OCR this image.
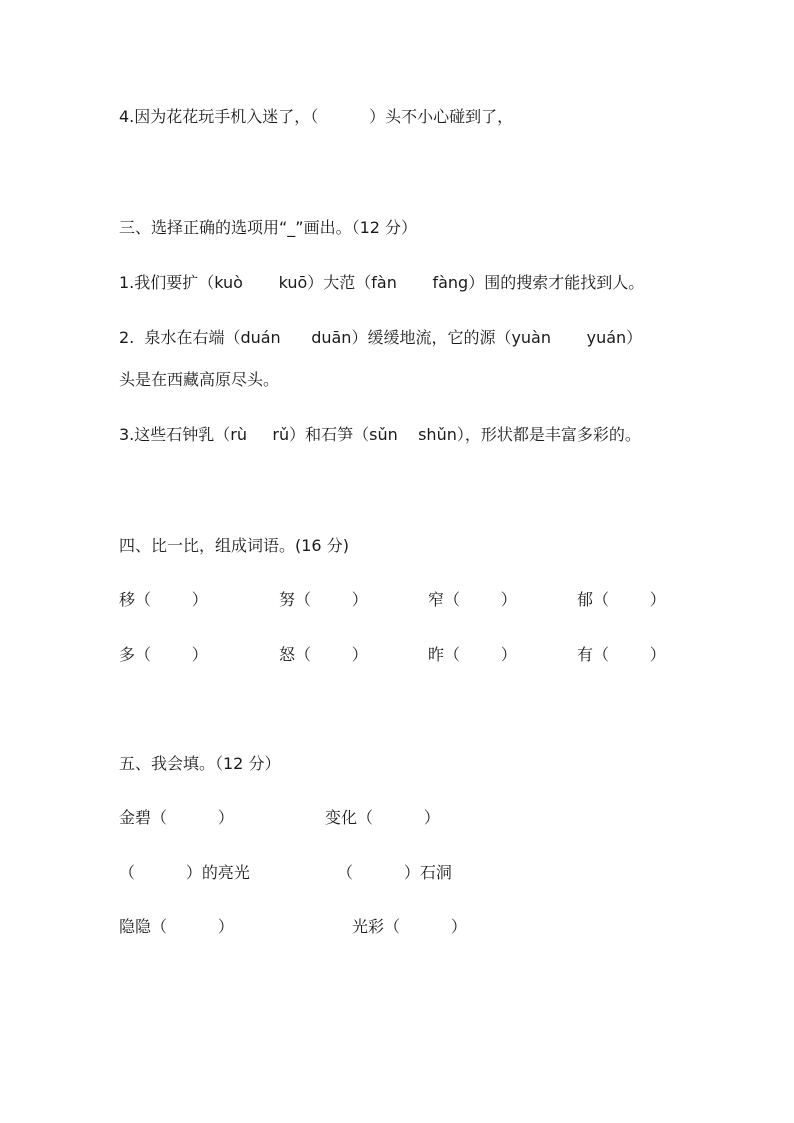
4.因为花花玩手机入迷了，（          ）头不小心碰到了，
三、选择正确的选项用“_”画出。（12 分）
1.我们要扩（kuò       kuō）大范（fàn       fàng）围的搜索才能找到人。
2.  泉水在右端（duán      duān）缓缓地流，它的源（yuàn       yuán）
头是在西藏高原尽头。
3.这些石钟乳（rù     rǔ）和石笋（sǔn    shǔn），形状都是丰富多彩的。
四、比一比，组成词语。(16 分)
移（        ）	努（        ）	窄（        ）	郁（        ）
多（        ）	怒（        ）	昨（        ）	有（        ）
五、我会填。（12 分）
金碧（          ）	变化（          ）
（          ）的亮光	（          ）石洞
隐隐（          ）	光彩（          ）
